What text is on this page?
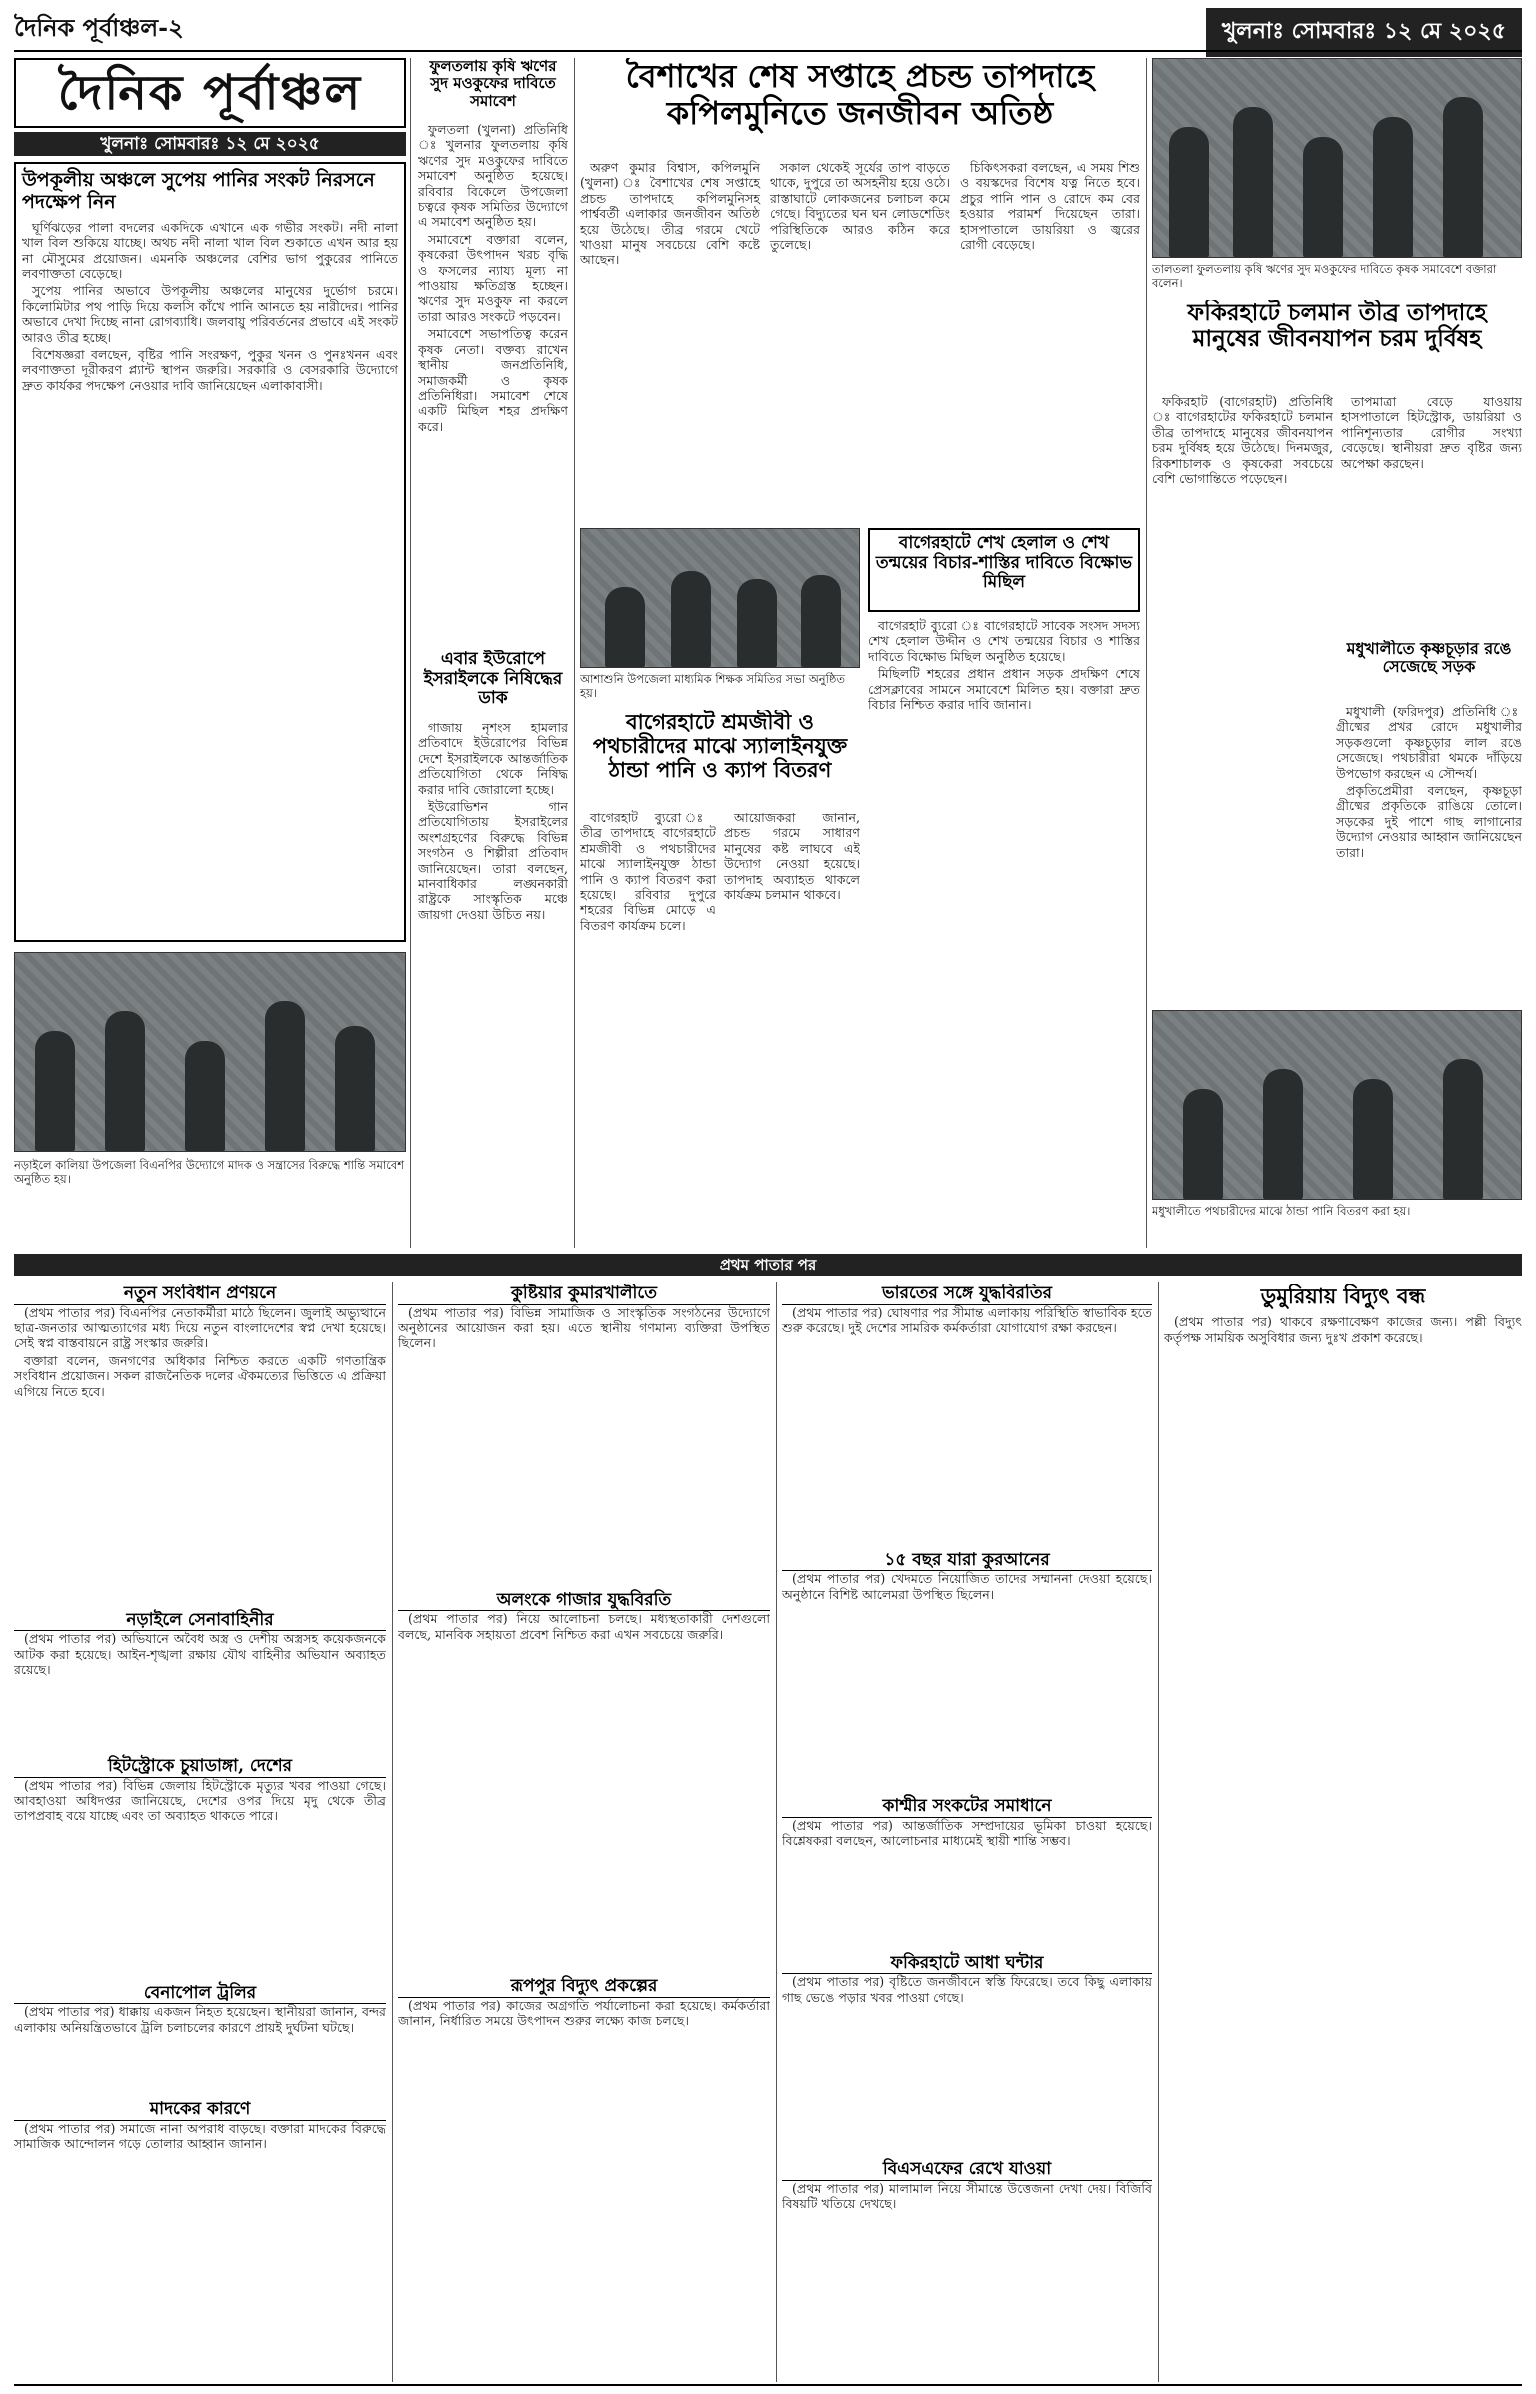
দৈনিক পূর্বাঞ্চল-২	খুলনাঃ সোমবারঃ ১২ মে ২০২৫
দৈনিক পূর্বাঞ্চল
খুলনাঃ সোমবারঃ ১২ মে ২০২৫
উপকূলীয় অঞ্চলে সুপেয় পানির সংকট নিরসনে পদক্ষেপ নিন

ঘূর্ণিঝড়ের পালা বদলের একদিকে এখানে এক গভীর সংকট। নদী নালা খাল বিল শুকিয়ে যাচ্ছে। অথচ নদী নালা খাল বিল শুকাতে এখন আর হয় না মৌসুমের প্রয়োজন। এমনকি অঞ্চলের বেশির ভাগ পুকুরের পানিতে লবণাক্ততা বেড়েছে।

সুপেয় পানির অভাবে উপকূলীয় অঞ্চলের মানুষের দুর্ভোগ চরমে। কিলোমিটার পথ পাড়ি দিয়ে কলসি কাঁখে পানি আনতে হয় নারীদের। পানির অভাবে দেখা দিচ্ছে নানা রোগব্যাধি। জলবায়ু পরিবর্তনের প্রভাবে এই সংকট আরও তীব্র হচ্ছে।

বিশেষজ্ঞরা বলছেন, বৃষ্টির পানি সংরক্ষণ, পুকুর খনন ও পুনঃখনন এবং লবণাক্ততা দূরীকরণ প্ল্যান্ট স্থাপন জরুরি। সরকারি ও বেসরকারি উদ্যোগে দ্রুত কার্যকর পদক্ষেপ নেওয়ার দাবি জানিয়েছেন এলাকাবাসী।

নড়াইলে কালিয়া উপজেলা বিএনপির উদ্যোগে মাদক ও সন্ত্রাসের বিরুদ্ধে শান্তি সমাবেশ অনুষ্ঠিত হয়।
ফুলতলায় কৃষি ঋণের সুদ মওকুফের দাবিতে সমাবেশ

ফুলতলা (খুলনা) প্রতিনিধি ঃ খুলনার ফুলতলায় কৃষি ঋণের সুদ মওকুফের দাবিতে সমাবেশ অনুষ্ঠিত হয়েছে। রবিবার বিকেলে উপজেলা চত্বরে কৃষক সমিতির উদ্যোগে এ সমাবেশ অনুষ্ঠিত হয়।

সমাবেশে বক্তারা বলেন, কৃষকেরা উৎপাদন খরচ বৃদ্ধি ও ফসলের ন্যায্য মূল্য না পাওয়ায় ক্ষতিগ্রস্ত হচ্ছেন। ঋণের সুদ মওকুফ না করলে তারা আরও সংকটে পড়বেন।

সমাবেশে সভাপতিত্ব করেন কৃষক নেতা। বক্তব্য রাখেন স্থানীয় জনপ্রতিনিধি, সমাজকর্মী ও কৃষক প্রতিনিধিরা। সমাবেশ শেষে একটি মিছিল শহর প্রদক্ষিণ করে।

এবার ইউরোপে ইসরাইলকে নিষিদ্ধের ডাক

গাজায় নৃশংস হামলার প্রতিবাদে ইউরোপের বিভিন্ন দেশে ইসরাইলকে আন্তর্জাতিক প্রতিযোগিতা থেকে নিষিদ্ধ করার দাবি জোরালো হচ্ছে।

ইউরোভিশন গান প্রতিযোগিতায় ইসরাইলের অংশগ্রহণের বিরুদ্ধে বিভিন্ন সংগঠন ও শিল্পীরা প্রতিবাদ জানিয়েছেন। তারা বলছেন, মানবাধিকার লঙ্ঘনকারী রাষ্ট্রকে সাংস্কৃতিক মঞ্চে জায়গা দেওয়া উচিত নয়।

বৈশাখের শেষ সপ্তাহে প্রচন্ড তাপদাহে কপিলমুনিতে জনজীবন অতিষ্ঠ

অরুণ কুমার বিশ্বাস, কপিলমুনি (খুলনা) ঃ বৈশাখের শেষ সপ্তাহে প্রচন্ড তাপদাহে কপিলমুনিসহ পার্শ্ববর্তী এলাকার জনজীবন অতিষ্ঠ হয়ে উঠেছে। তীব্র গরমে খেটে খাওয়া মানুষ সবচেয়ে বেশি কষ্টে আছেন।

সকাল থেকেই সূর্যের তাপ বাড়তে থাকে, দুপুরে তা অসহনীয় হয়ে ওঠে। রাস্তাঘাটে লোকজনের চলাচল কমে গেছে। বিদ্যুতের ঘন ঘন লোডশেডিং পরিস্থিতিকে আরও কঠিন করে তুলেছে।

চিকিৎসকরা বলছেন, এ সময় শিশু ও বয়স্কদের বিশেষ যত্ন নিতে হবে। প্রচুর পানি পান ও রোদে কম বের হওয়ার পরামর্শ দিয়েছেন তারা। হাসপাতালে ডায়রিয়া ও জ্বরের রোগী বেড়েছে।

আশাশুনি উপজেলা মাধ্যমিক শিক্ষক সমিতির সভা অনুষ্ঠিত হয়।
বাগেরহাটে শেখ হেলাল ও শেখ তন্ময়ের বিচার-শাস্তির দাবিতে বিক্ষোভ মিছিল

বাগেরহাট ব্যুরো ঃ বাগেরহাটে সাবেক সংসদ সদস্য শেখ হেলাল উদ্দীন ও শেখ তন্ময়ের বিচার ও শাস্তির দাবিতে বিক্ষোভ মিছিল অনুষ্ঠিত হয়েছে।

মিছিলটি শহরের প্রধান প্রধান সড়ক প্রদক্ষিণ শেষে প্রেসক্লাবের সামনে সমাবেশে মিলিত হয়। বক্তারা দ্রুত বিচার নিশ্চিত করার দাবি জানান।

বাগেরহাটে শ্রমজীবী ও পথচারীদের মাঝে স্যালাইনযুক্ত ঠান্ডা পানি ও ক্যাপ বিতরণ

বাগেরহাট ব্যুরো ঃ তীব্র তাপদাহে বাগেরহাটে শ্রমজীবী ও পথচারীদের মাঝে স্যালাইনযুক্ত ঠান্ডা পানি ও ক্যাপ বিতরণ করা হয়েছে। রবিবার দুপুরে শহরের বিভিন্ন মোড়ে এ বিতরণ কার্যক্রম চলে।

আয়োজকরা জানান, প্রচন্ড গরমে সাধারণ মানুষের কষ্ট লাঘবে এই উদ্যোগ নেওয়া হয়েছে। তাপদাহ অব্যাহত থাকলে কার্যক্রম চলমান থাকবে।

তালতলা ফুলতলায় কৃষি ঋণের সুদ মওকুফের দাবিতে কৃষক সমাবেশে বক্তারা বলেন।
ফকিরহাটে চলমান তীব্র তাপদাহে মানুষের জীবনযাপন চরম দুর্বিষহ

ফকিরহাট (বাগেরহাট) প্রতিনিধি ঃ বাগেরহাটের ফকিরহাটে চলমান তীব্র তাপদাহে মানুষের জীবনযাপন চরম দুর্বিষহ হয়ে উঠেছে। দিনমজুর, রিকশাচালক ও কৃষকেরা সবচেয়ে বেশি ভোগান্তিতে পড়েছেন।

তাপমাত্রা বেড়ে যাওয়ায় হাসপাতালে হিটস্ট্রোক, ডায়রিয়া ও পানিশূন্যতার রোগীর সংখ্যা বেড়েছে। স্থানীয়রা দ্রুত বৃষ্টির জন্য অপেক্ষা করছেন।

মধুখালীতে কৃষ্ণচূড়ার রঙে সেজেছে সড়ক

মধুখালী (ফরিদপুর) প্রতিনিধি ঃ গ্রীষ্মের প্রখর রোদে মধুখালীর সড়কগুলো কৃষ্ণচূড়ার লাল রঙে সেজেছে। পথচারীরা থমকে দাঁড়িয়ে উপভোগ করছেন এ সৌন্দর্য।

প্রকৃতিপ্রেমীরা বলছেন, কৃষ্ণচূড়া গ্রীষ্মের প্রকৃতিকে রাঙিয়ে তোলে। সড়কের দুই পাশে গাছ লাগানোর উদ্যোগ নেওয়ার আহ্বান জানিয়েছেন তারা।

মধুখালীতে পথচারীদের মাঝে ঠান্ডা পানি বিতরণ করা হয়।
প্রথম পাতার পর
নতুন সংবিধান প্রণয়নে

(প্রথম পাতার পর) বিএনপির নেতাকর্মীরা মাঠে ছিলেন। জুলাই অভ্যুত্থানে ছাত্র-জনতার আত্মত্যাগের মধ্য দিয়ে নতুন বাংলাদেশের স্বপ্ন দেখা হয়েছে। সেই স্বপ্ন বাস্তবায়নে রাষ্ট্র সংস্কার জরুরি।

বক্তারা বলেন, জনগণের অধিকার নিশ্চিত করতে একটি গণতান্ত্রিক সংবিধান প্রয়োজন। সকল রাজনৈতিক দলের ঐকমত্যের ভিত্তিতে এ প্রক্রিয়া এগিয়ে নিতে হবে।

নড়াইলে সেনাবাহিনীর

(প্রথম পাতার পর) অভিযানে অবৈধ অস্ত্র ও দেশীয় অস্ত্রসহ কয়েকজনকে আটক করা হয়েছে। আইন-শৃঙ্খলা রক্ষায় যৌথ বাহিনীর অভিযান অব্যাহত রয়েছে।

হিটস্ট্রোকে চুয়াডাঙ্গা, দেশের

(প্রথম পাতার পর) বিভিন্ন জেলায় হিটস্ট্রোকে মৃত্যুর খবর পাওয়া গেছে। আবহাওয়া অধিদপ্তর জানিয়েছে, দেশের ওপর দিয়ে মৃদু থেকে তীব্র তাপপ্রবাহ বয়ে যাচ্ছে এবং তা অব্যাহত থাকতে পারে।

বেনাপোল ট্রলির

(প্রথম পাতার পর) ধাক্কায় একজন নিহত হয়েছেন। স্থানীয়রা জানান, বন্দর এলাকায় অনিয়ন্ত্রিতভাবে ট্রলি চলাচলের কারণে প্রায়ই দুর্ঘটনা ঘটছে।

মাদকের কারণে

(প্রথম পাতার পর) সমাজে নানা অপরাধ বাড়ছে। বক্তারা মাদকের বিরুদ্ধে সামাজিক আন্দোলন গড়ে তোলার আহ্বান জানান।

কুষ্টিয়ার কুমারখালীতে

(প্রথম পাতার পর) বিভিন্ন সামাজিক ও সাংস্কৃতিক সংগঠনের উদ্যোগে অনুষ্ঠানের আয়োজন করা হয়। এতে স্থানীয় গণমান্য ব্যক্তিরা উপস্থিত ছিলেন।

অলংকে গাজার যুদ্ধবিরতি

(প্রথম পাতার পর) নিয়ে আলোচনা চলছে। মধ্যস্থতাকারী দেশগুলো বলছে, মানবিক সহায়তা প্রবেশ নিশ্চিত করা এখন সবচেয়ে জরুরি।

রূপপুর বিদ্যুৎ প্রকল্পের

(প্রথম পাতার পর) কাজের অগ্রগতি পর্যালোচনা করা হয়েছে। কর্মকর্তারা জানান, নির্ধারিত সময়ে উৎপাদন শুরুর লক্ষ্যে কাজ চলছে।

ভারতের সঙ্গে যুদ্ধবিরতির

(প্রথম পাতার পর) ঘোষণার পর সীমান্ত এলাকায় পরিস্থিতি স্বাভাবিক হতে শুরু করেছে। দুই দেশের সামরিক কর্মকর্তারা যোগাযোগ রক্ষা করছেন।

১৫ বছর যারা কুরআনের

(প্রথম পাতার পর) খেদমতে নিয়োজিত তাদের সম্মাননা দেওয়া হয়েছে। অনুষ্ঠানে বিশিষ্ট আলেমরা উপস্থিত ছিলেন।

কাশ্মীর সংকটের সমাধানে

(প্রথম পাতার পর) আন্তর্জাতিক সম্প্রদায়ের ভূমিকা চাওয়া হয়েছে। বিশ্লেষকরা বলছেন, আলোচনার মাধ্যমেই স্থায়ী শান্তি সম্ভব।

ফকিরহাটে আধা ঘন্টার

(প্রথম পাতার পর) বৃষ্টিতে জনজীবনে স্বস্তি ফিরেছে। তবে কিছু এলাকায় গাছ ভেঙে পড়ার খবর পাওয়া গেছে।

বিএসএফের রেখে যাওয়া

(প্রথম পাতার পর) মালামাল নিয়ে সীমান্তে উত্তেজনা দেখা দেয়। বিজিবি বিষয়টি খতিয়ে দেখছে।

ডুমুরিয়ায় বিদ্যুৎ বন্ধ

(প্রথম পাতার পর) থাকবে রক্ষণাবেক্ষণ কাজের জন্য। পল্লী বিদ্যুৎ কর্তৃপক্ষ সাময়িক অসুবিধার জন্য দুঃখ প্রকাশ করেছে।
